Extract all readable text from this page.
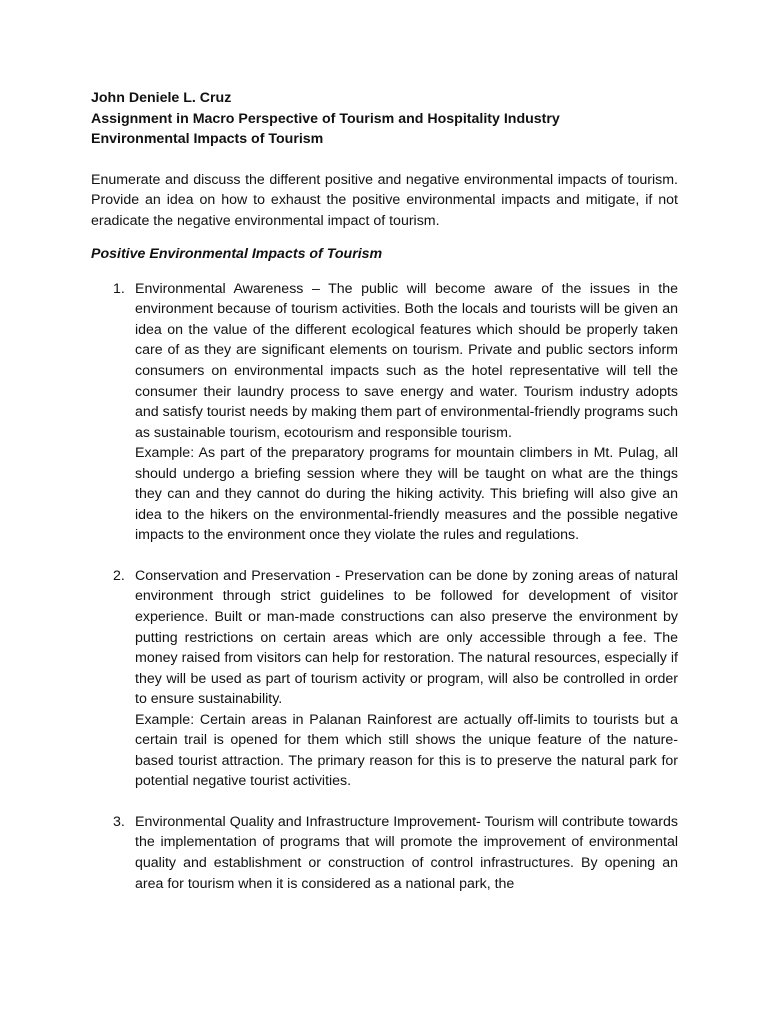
John Deniele L. Cruz

Assignment in Macro Perspective of Tourism and Hospitality Industry

Environmental Impacts of Tourism

Enumerate and discuss the different positive and negative environmental impacts of tourism. Provide an idea on how to exhaust the positive environmental impacts and mitigate, if not eradicate the negative environmental impact of tourism.
Positive Environmental Impacts of Tourism
1. Environmental Awareness – The public will become aware of the issues in the environment because of tourism activities. Both the locals and tourists will be given an idea on the value of the different ecological features which should be properly taken care of as they are significant elements on tourism. Private and public sectors inform consumers on environmental impacts such as the hotel representative will tell the consumer their laundry process to save energy and water. Tourism industry adopts and satisfy tourist needs by making them part of environmental-friendly programs such as sustainable tourism, ecotourism and responsible tourism.

Example: As part of the preparatory programs for mountain climbers in Mt. Pulag, all should undergo a briefing session where they will be taught on what are the things they can and they cannot do during the hiking activity. This briefing will also give an idea to the hikers on the environmental-friendly measures and the possible negative impacts to the environment once they violate the rules and regulations.

2. Conservation and Preservation - Preservation can be done by zoning areas of natural environment through strict guidelines to be followed for development of visitor experience. Built or man-made constructions can also preserve the environment by putting restrictions on certain areas which are only accessible through a fee. The money raised from visitors can help for restoration. The natural resources, especially if they will be used as part of tourism activity or program, will also be controlled in order to ensure sustainability.

Example: Certain areas in Palanan Rainforest are actually off-limits to tourists but a certain trail is opened for them which still shows the unique feature of the nature-based tourist attraction. The primary reason for this is to preserve the natural park for potential negative tourist activities.

3. Environmental Quality and Infrastructure Improvement- Tourism will contribute towards the implementation of programs that will promote the improvement of environmental quality and establishment or construction of control infrastructures. By opening an area for tourism when it is considered as a national park, the
